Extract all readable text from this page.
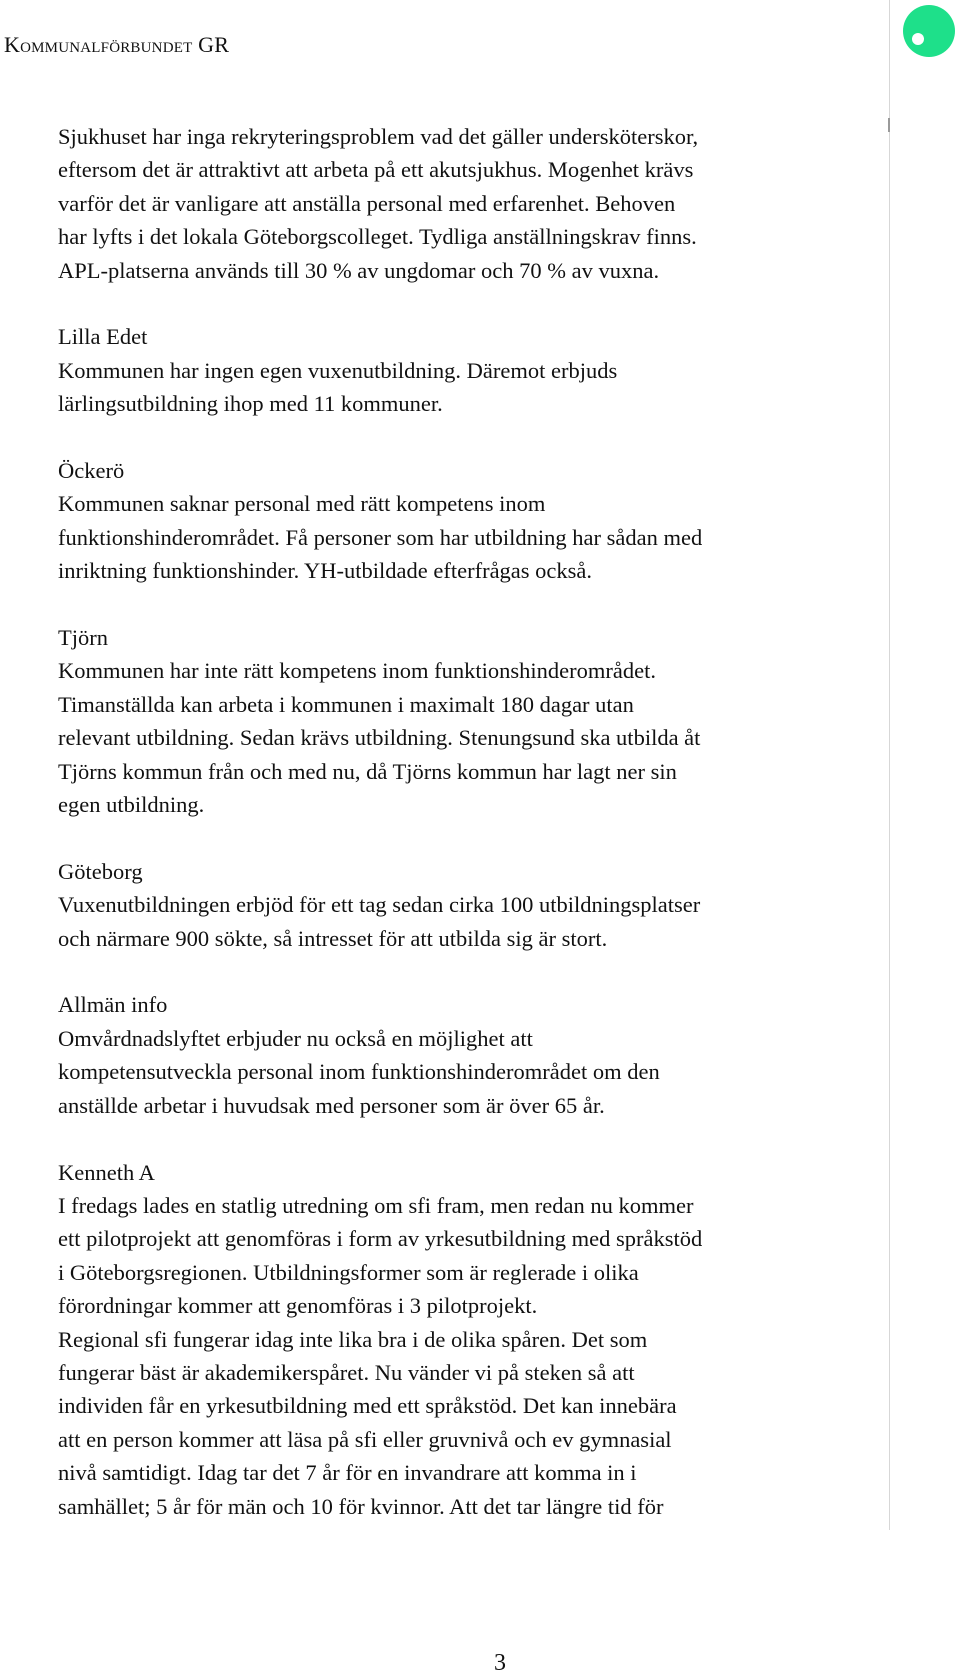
Kommunalförbundet GR

Sjukhuset har inga rekryteringsproblem vad det gäller undersköterskor,
eftersom det är attraktivt att arbeta på ett akutsjukhus. Mogenhet krävs
varför det är vanligare att anställa personal med erfarenhet. Behoven
har lyfts i det lokala Göteborgscolleget. Tydliga anställningskrav finns.
APL-platserna används till 30 % av ungdomar och 70 % av vuxna.

Lilla Edet

Kommunen har ingen egen vuxenutbildning. Däremot erbjuds
lärlingsutbildning ihop med 11 kommuner.

Öckerö

Kommunen saknar personal med rätt kompetens inom
funktionshinderområdet. Få personer som har utbildning har sådan med
inriktning funktionshinder. YH-utbildade efterfrågas också.

Tjörn

Kommunen har inte rätt kompetens inom funktionshinderområdet.
Timanställda kan arbeta i kommunen i maximalt 180 dagar utan
relevant utbildning. Sedan krävs utbildning. Stenungsund ska utbilda åt
Tjörns kommun från och med nu, då Tjörns kommun har lagt ner sin
egen utbildning.

Göteborg

Vuxenutbildningen erbjöd för ett tag sedan cirka 100 utbildningsplatser
och närmare 900 sökte, så intresset för att utbilda sig är stort.

Allmän info

Omvårdnadslyftet erbjuder nu också en möjlighet att
kompetensutveckla personal inom funktionshinderområdet om den
anställde arbetar i huvudsak med personer som är över 65 år.

Kenneth A

I fredags lades en statlig utredning om sfi fram, men redan nu kommer
ett pilotprojekt att genomföras i form av yrkesutbildning med språkstöd
i Göteborgsregionen. Utbildningsformer som är reglerade i olika
förordningar kommer att genomföras i 3 pilotprojekt.
Regional sfi fungerar idag inte lika bra i de olika spåren. Det som
fungerar bäst är akademikerspåret. Nu vänder vi på steken så att
individen får en yrkesutbildning med ett språkstöd. Det kan innebära
att en person kommer att läsa på sfi eller gruvnivå och ev gymnasial
nivå samtidigt. Idag tar det 7 år för en invandrare att komma in i
samhället; 5 år för män och 10 för kvinnor. Att det tar längre tid för

3
